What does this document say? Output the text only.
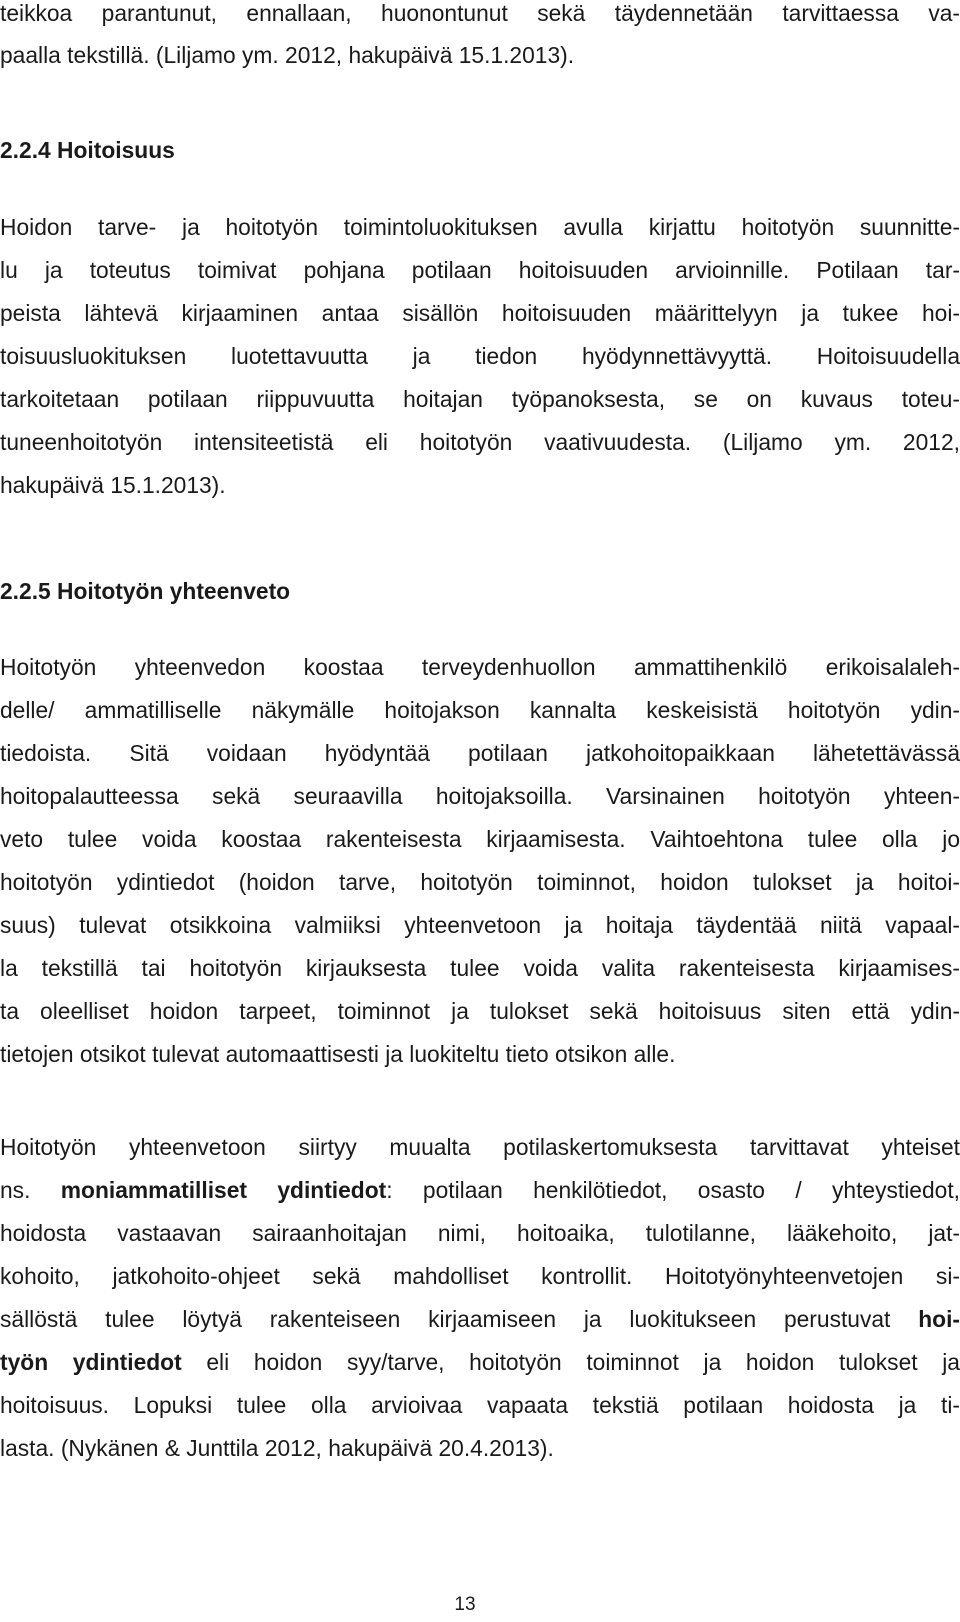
teikkoa parantunut, ennallaan, huonontunut sekä täydennetään tarvittaessa va-

paalla tekstillä. (Liljamo ym. 2012, hakupäivä 15.1.2013).

2.2.4 Hoitoisuus

Hoidon tarve- ja hoitotyön toimintoluokituksen avulla kirjattu hoitotyön suunnitte-

lu ja toteutus toimivat pohjana potilaan hoitoisuuden arvioinnille. Potilaan tar-

peista lähtevä kirjaaminen antaa sisällön hoitoisuuden määrittelyyn ja tukee hoi-

toisuusluokituksen luotettavuutta ja tiedon hyödynnettävyyttä. Hoitoisuudella

tarkoitetaan potilaan riippuvuutta hoitajan työpanoksesta, se on kuvaus toteu-

tuneenhoitotyön intensiteetistä eli hoitotyön vaativuudesta. (Liljamo ym. 2012,

hakupäivä 15.1.2013).

2.2.5 Hoitotyön yhteenveto

Hoitotyön yhteenvedon koostaa terveydenhuollon ammattihenkilö erikoisalaleh-

delle/ ammatilliselle näkymälle hoitojakson kannalta keskeisistä hoitotyön ydin-

tiedoista. Sitä voidaan hyödyntää potilaan jatkohoitopaikkaan lähetettävässä

hoitopalautteessa sekä seuraavilla hoitojaksoilla. Varsinainen hoitotyön yhteen-

veto tulee voida koostaa rakenteisesta kirjaamisesta. Vaihtoehtona tulee olla jo

hoitotyön ydintiedot (hoidon tarve, hoitotyön toiminnot, hoidon tulokset ja hoitoi-

suus) tulevat otsikkoina valmiiksi yhteenvetoon ja hoitaja täydentää niitä vapaal-

la tekstillä tai hoitotyön kirjauksesta tulee voida valita rakenteisesta kirjaamises-

ta oleelliset hoidon tarpeet, toiminnot ja tulokset sekä hoitoisuus siten että ydin-

tietojen otsikot tulevat automaattisesti ja luokiteltu tieto otsikon alle.

Hoitotyön yhteenvetoon siirtyy muualta potilaskertomuksesta tarvittavat yhteiset

ns. moniammatilliset ydintiedot: potilaan henkilötiedot, osasto / yhteystiedot,

hoidosta vastaavan sairaanhoitajan nimi, hoitoaika, tulotilanne, lääkehoito, jat-

kohoito, jatkohoito-ohjeet sekä mahdolliset kontrollit. Hoitotyönyhteenvetojen si-

sällöstä tulee löytyä rakenteiseen kirjaamiseen ja luokitukseen perustuvat hoi-

työn ydintiedot eli hoidon syy/tarve, hoitotyön toiminnot ja hoidon tulokset ja

hoitoisuus. Lopuksi tulee olla arvioivaa vapaata tekstiä potilaan hoidosta ja ti-

lasta. (Nykänen & Junttila 2012, hakupäivä 20.4.2013).

13
